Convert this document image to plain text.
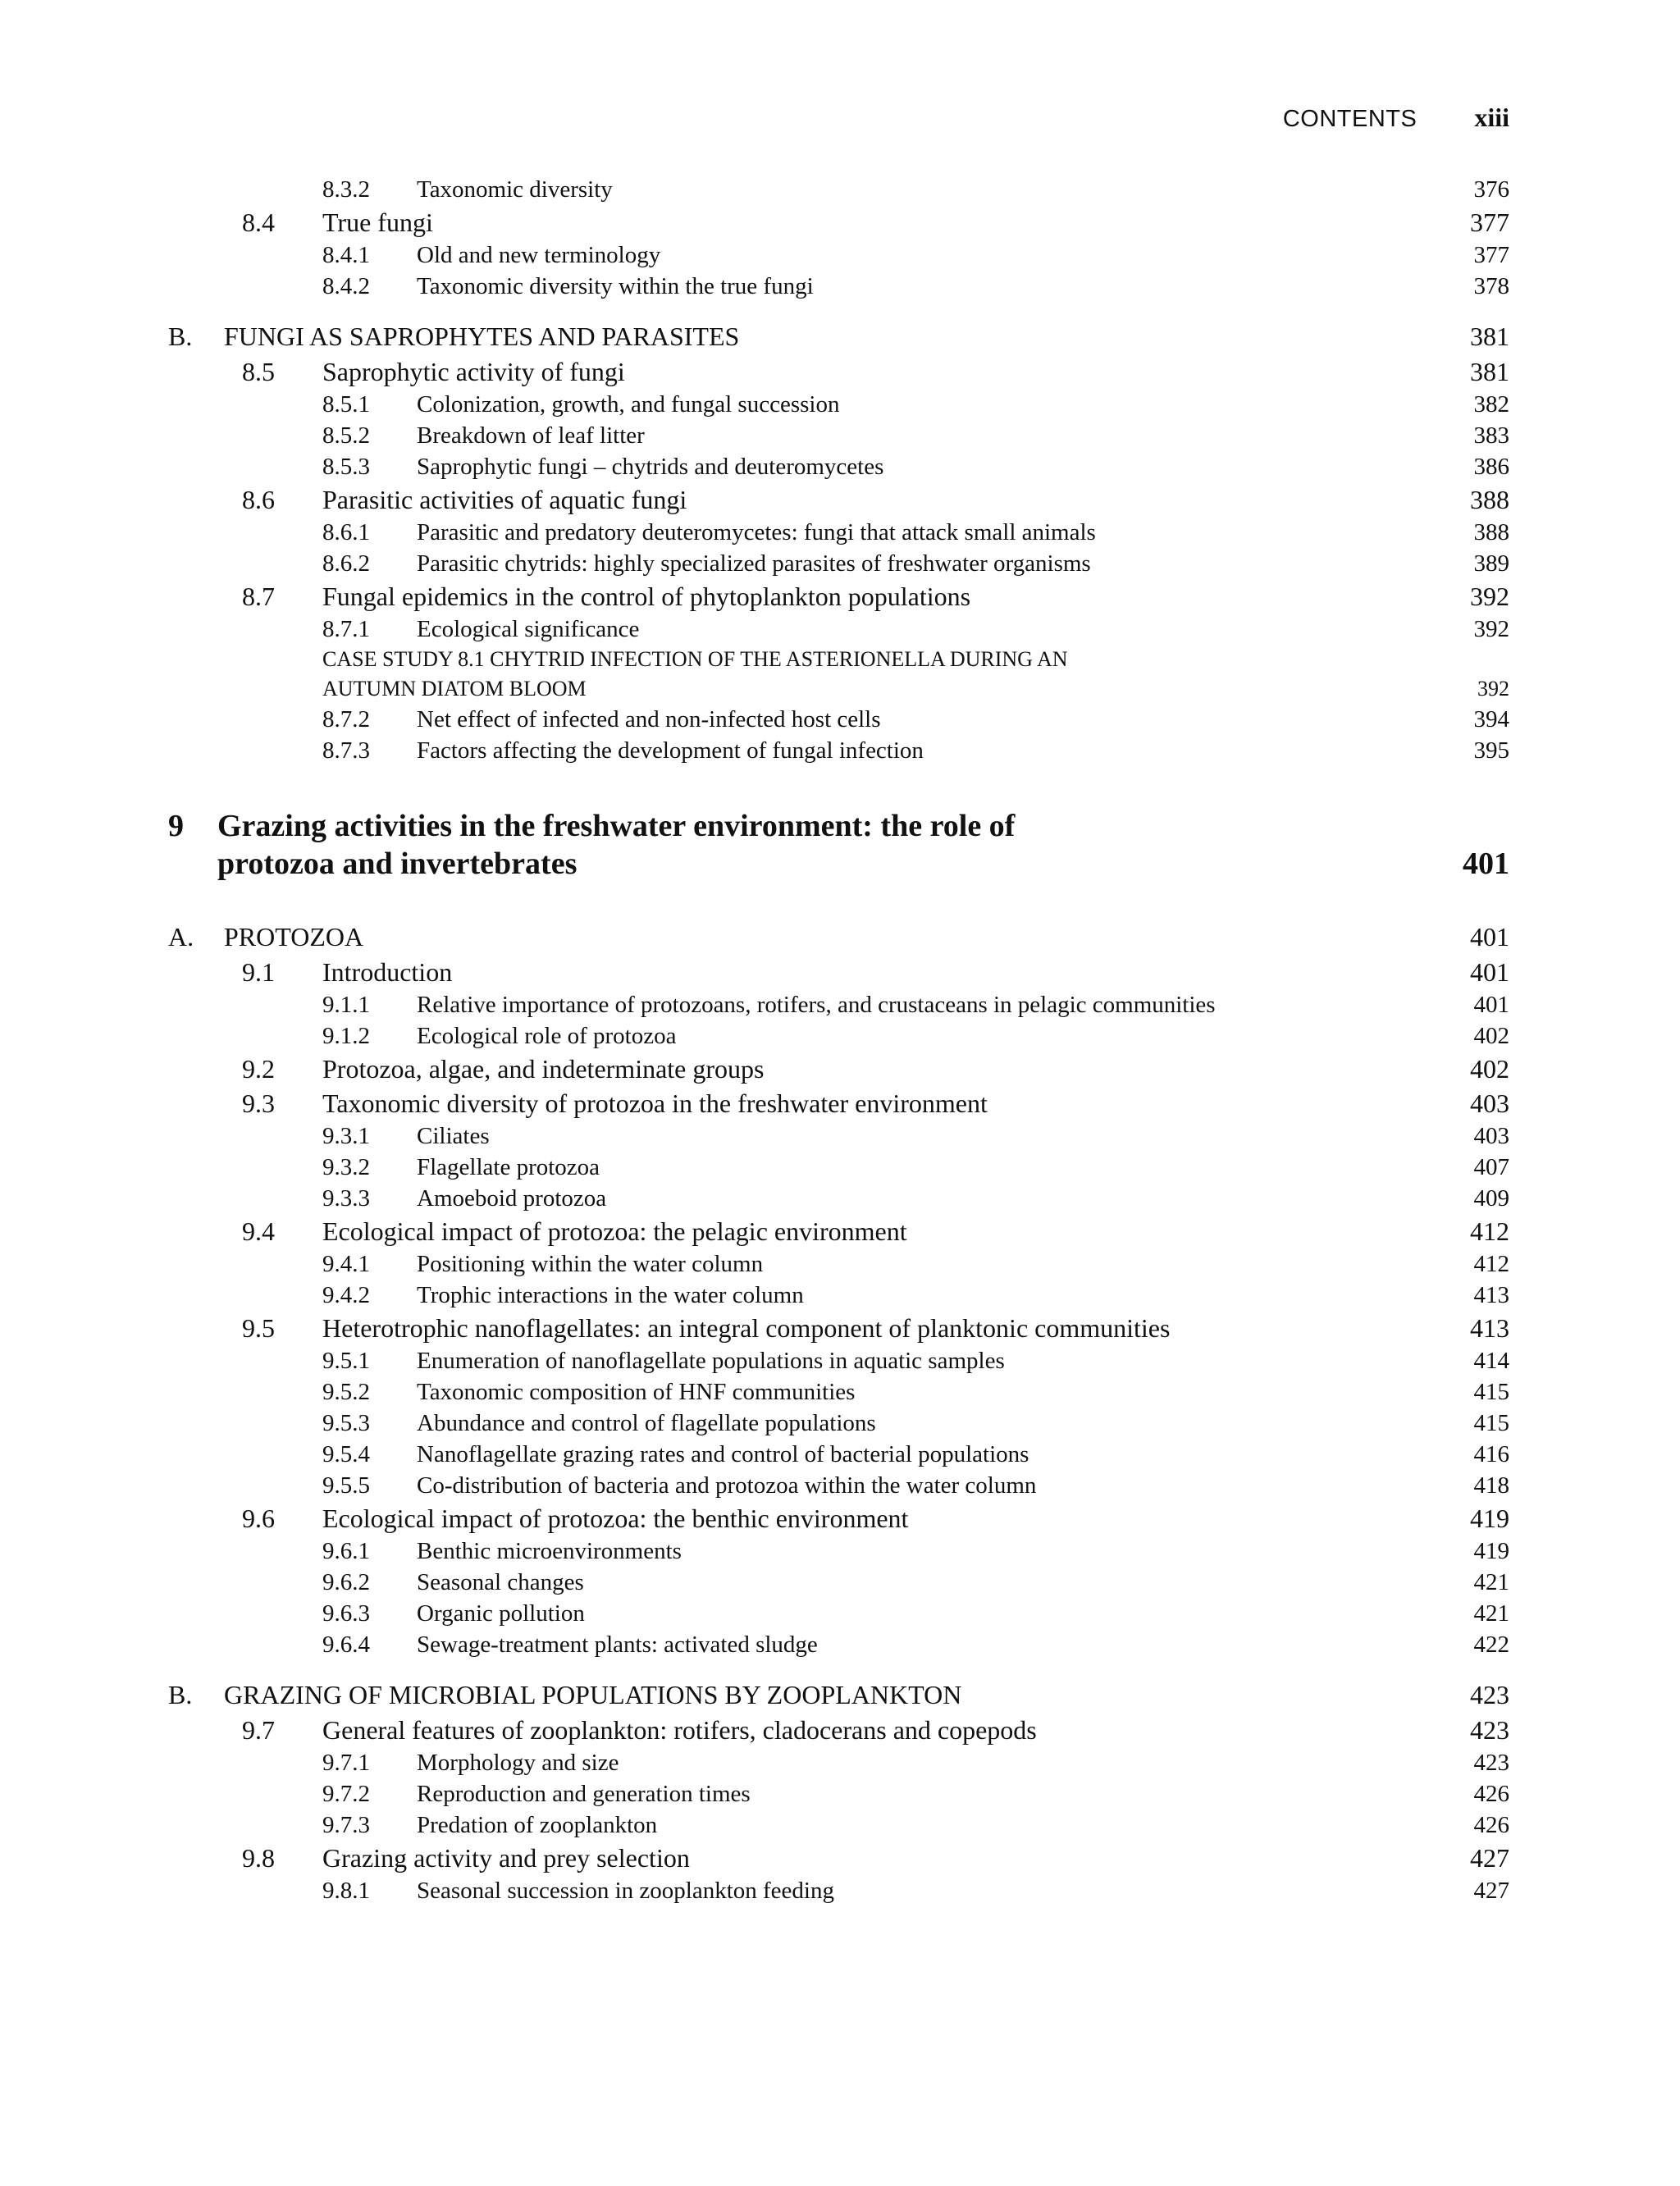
CONTENTS xiii
8.3.2 Taxonomic diversity	376
8.4 True fungi	377
8.4.1 Old and new terminology	377
8.4.2 Taxonomic diversity within the true fungi	378
B. FUNGI AS SAPROPHYTES AND PARASITES	381
8.5 Saprophytic activity of fungi	381
8.5.1 Colonization, growth, and fungal succession	382
8.5.2 Breakdown of leaf litter	383
8.5.3 Saprophytic fungi – chytrids and deuteromycetes	386
8.6 Parasitic activities of aquatic fungi	388
8.6.1 Parasitic and predatory deuteromycetes: fungi that attack small animals	388
8.6.2 Parasitic chytrids: highly specialized parasites of freshwater organisms	389
8.7 Fungal epidemics in the control of phytoplankton populations	392
8.7.1 Ecological significance	392
CASE STUDY 8.1 CHYTRID INFECTION OF THE ASTERIONELLA DURING AN
AUTUMN DIATOM BLOOM	392
8.7.2 Net effect of infected and non-infected host cells	394
8.7.3 Factors affecting the development of fungal infection	395
9 Grazing activities in the freshwater environment: the role of
protozoa and invertebrates	401
A. PROTOZOA	401
9.1 Introduction	401
9.1.1 Relative importance of protozoans, rotifers, and crustaceans in pelagic communities	401
9.1.2 Ecological role of protozoa	402
9.2 Protozoa, algae, and indeterminate groups	402
9.3 Taxonomic diversity of protozoa in the freshwater environment	403
9.3.1 Ciliates	403
9.3.2 Flagellate protozoa	407
9.3.3 Amoeboid protozoa	409
9.4 Ecological impact of protozoa: the pelagic environment	412
9.4.1 Positioning within the water column	412
9.4.2 Trophic interactions in the water column	413
9.5 Heterotrophic nanoflagellates: an integral component of planktonic communities	413
9.5.1 Enumeration of nanoflagellate populations in aquatic samples	414
9.5.2 Taxonomic composition of HNF communities	415
9.5.3 Abundance and control of flagellate populations	415
9.5.4 Nanoflagellate grazing rates and control of bacterial populations	416
9.5.5 Co-distribution of bacteria and protozoa within the water column	418
9.6 Ecological impact of protozoa: the benthic environment	419
9.6.1 Benthic microenvironments	419
9.6.2 Seasonal changes	421
9.6.3 Organic pollution	421
9.6.4 Sewage-treatment plants: activated sludge	422
B. GRAZING OF MICROBIAL POPULATIONS BY ZOOPLANKTON	423
9.7 General features of zooplankton: rotifers, cladocerans and copepods	423
9.7.1 Morphology and size	423
9.7.2 Reproduction and generation times	426
9.7.3 Predation of zooplankton	426
9.8 Grazing activity and prey selection	427
9.8.1 Seasonal succession in zooplankton feeding	427
